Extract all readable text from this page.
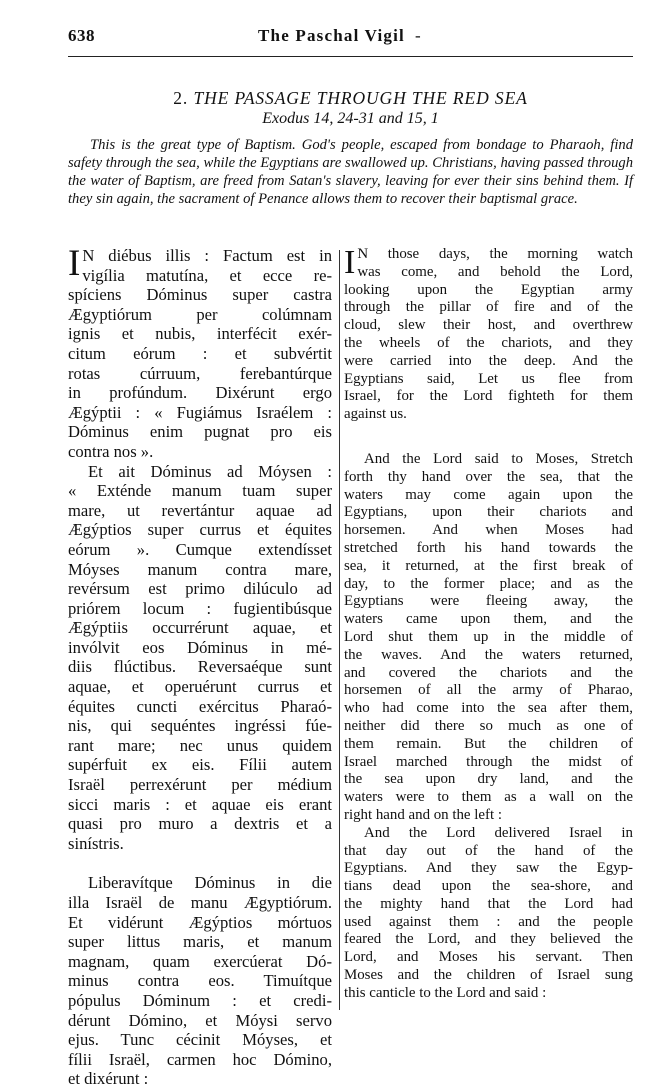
638	The Paschal Vigil -
2. THE PASSAGE THROUGH THE RED SEA
Exodus 14, 24-31 and 15, 1
This is the great type of Baptism. God's people, escaped from bondage to Pharaoh, find safety through the sea, while the Egyptians are swallowed up. Christians, having passed through the water of Baptism, are freed from Satan's slavery, leaving for ever their sins behind them. If they sin again, the sacrament of Penance allows them to recover their baptismal grace.
I N diébus illis : Factum est in
vigília matutína, et ecce re-
spíciens Dóminus super castra
Ægyptiórum per colúmnam
ignis et nubis, interfécit exér-
citum eórum : et subvértit
rotas cúrruum, ferebantúrque
in profúndum. Dixérunt ergo
Ægýptii : « Fugiámus Israélem :
Dóminus enim pugnat pro eis
contra nos ».
Et ait Dóminus ad Móysen :
« Exténde manum tuam super
mare, ut revertántur aquae ad
Ægýptios super currus et équites
eórum ». Cumque extendísset
Móyses manum contra mare,
revérsum est primo dilúculo ad
priórem locum : fugientibúsque
Ægýptiis occurrérunt aquae, et
invólvit eos Dóminus in mé-
diis flúctibus. Reversaéque sunt
aquae, et operuérunt currus et
équites cuncti exércitus Pharaó-
nis, qui sequéntes ingréssi fúe-
rant mare; nec unus quidem
supérfuit ex eis. Fílii autem
Israël perrexérunt per médium
sicci maris : et aquae eis erant
quasi pro muro a dextris et a
sinístris.
Liberavítque Dóminus in die
illa Israël de manu Ægyptiórum.
Et vidérunt Ægýptios mórtuos
super littus maris, et manum
magnam, quam exercúerat Dó-
minus contra eos. Timuítque
pópulus Dóminum : et credi-
dérunt Dómino, et Móysi servo
ejus. Tunc cécinit Móyses, et
fílii Israël, carmen hoc Dómino,
et dixérunt :
I N those days, the morning watch
was come, and behold the Lord,
looking upon the Egyptian army
through the pillar of fire and of the
cloud, slew their host, and overthrew
the wheels of the chariots, and they
were carried into the deep. And the
Egyptians said, Let us flee from
Israel, for the Lord fighteth for them
against us.
And the Lord said to Moses, Stretch
forth thy hand over the sea, that the
waters may come again upon the
Egyptians, upon their chariots and
horsemen. And when Moses had
stretched forth his hand towards the
sea, it returned, at the first break of
day, to the former place; and as the
Egyptians were fleeing away, the
waters came upon them, and the
Lord shut them up in the middle of
the waves. And the waters returned,
and covered the chariots and the
horsemen of all the army of Pharao,
who had come into the sea after them,
neither did there so much as one of
them remain. But the children of
Israel marched through the midst of
the sea upon dry land, and the
waters were to them as a wall on the
right hand and on the left :
And the Lord delivered Israel in
that day out of the hand of the
Egyptians. And they saw the Egyp-
tians dead upon the sea-shore, and
the mighty hand that the Lord had
used against them : and the people
feared the Lord, and they believed the
Lord, and Moses his servant. Then
Moses and the children of Israel sung
this canticle to the Lord and said :
